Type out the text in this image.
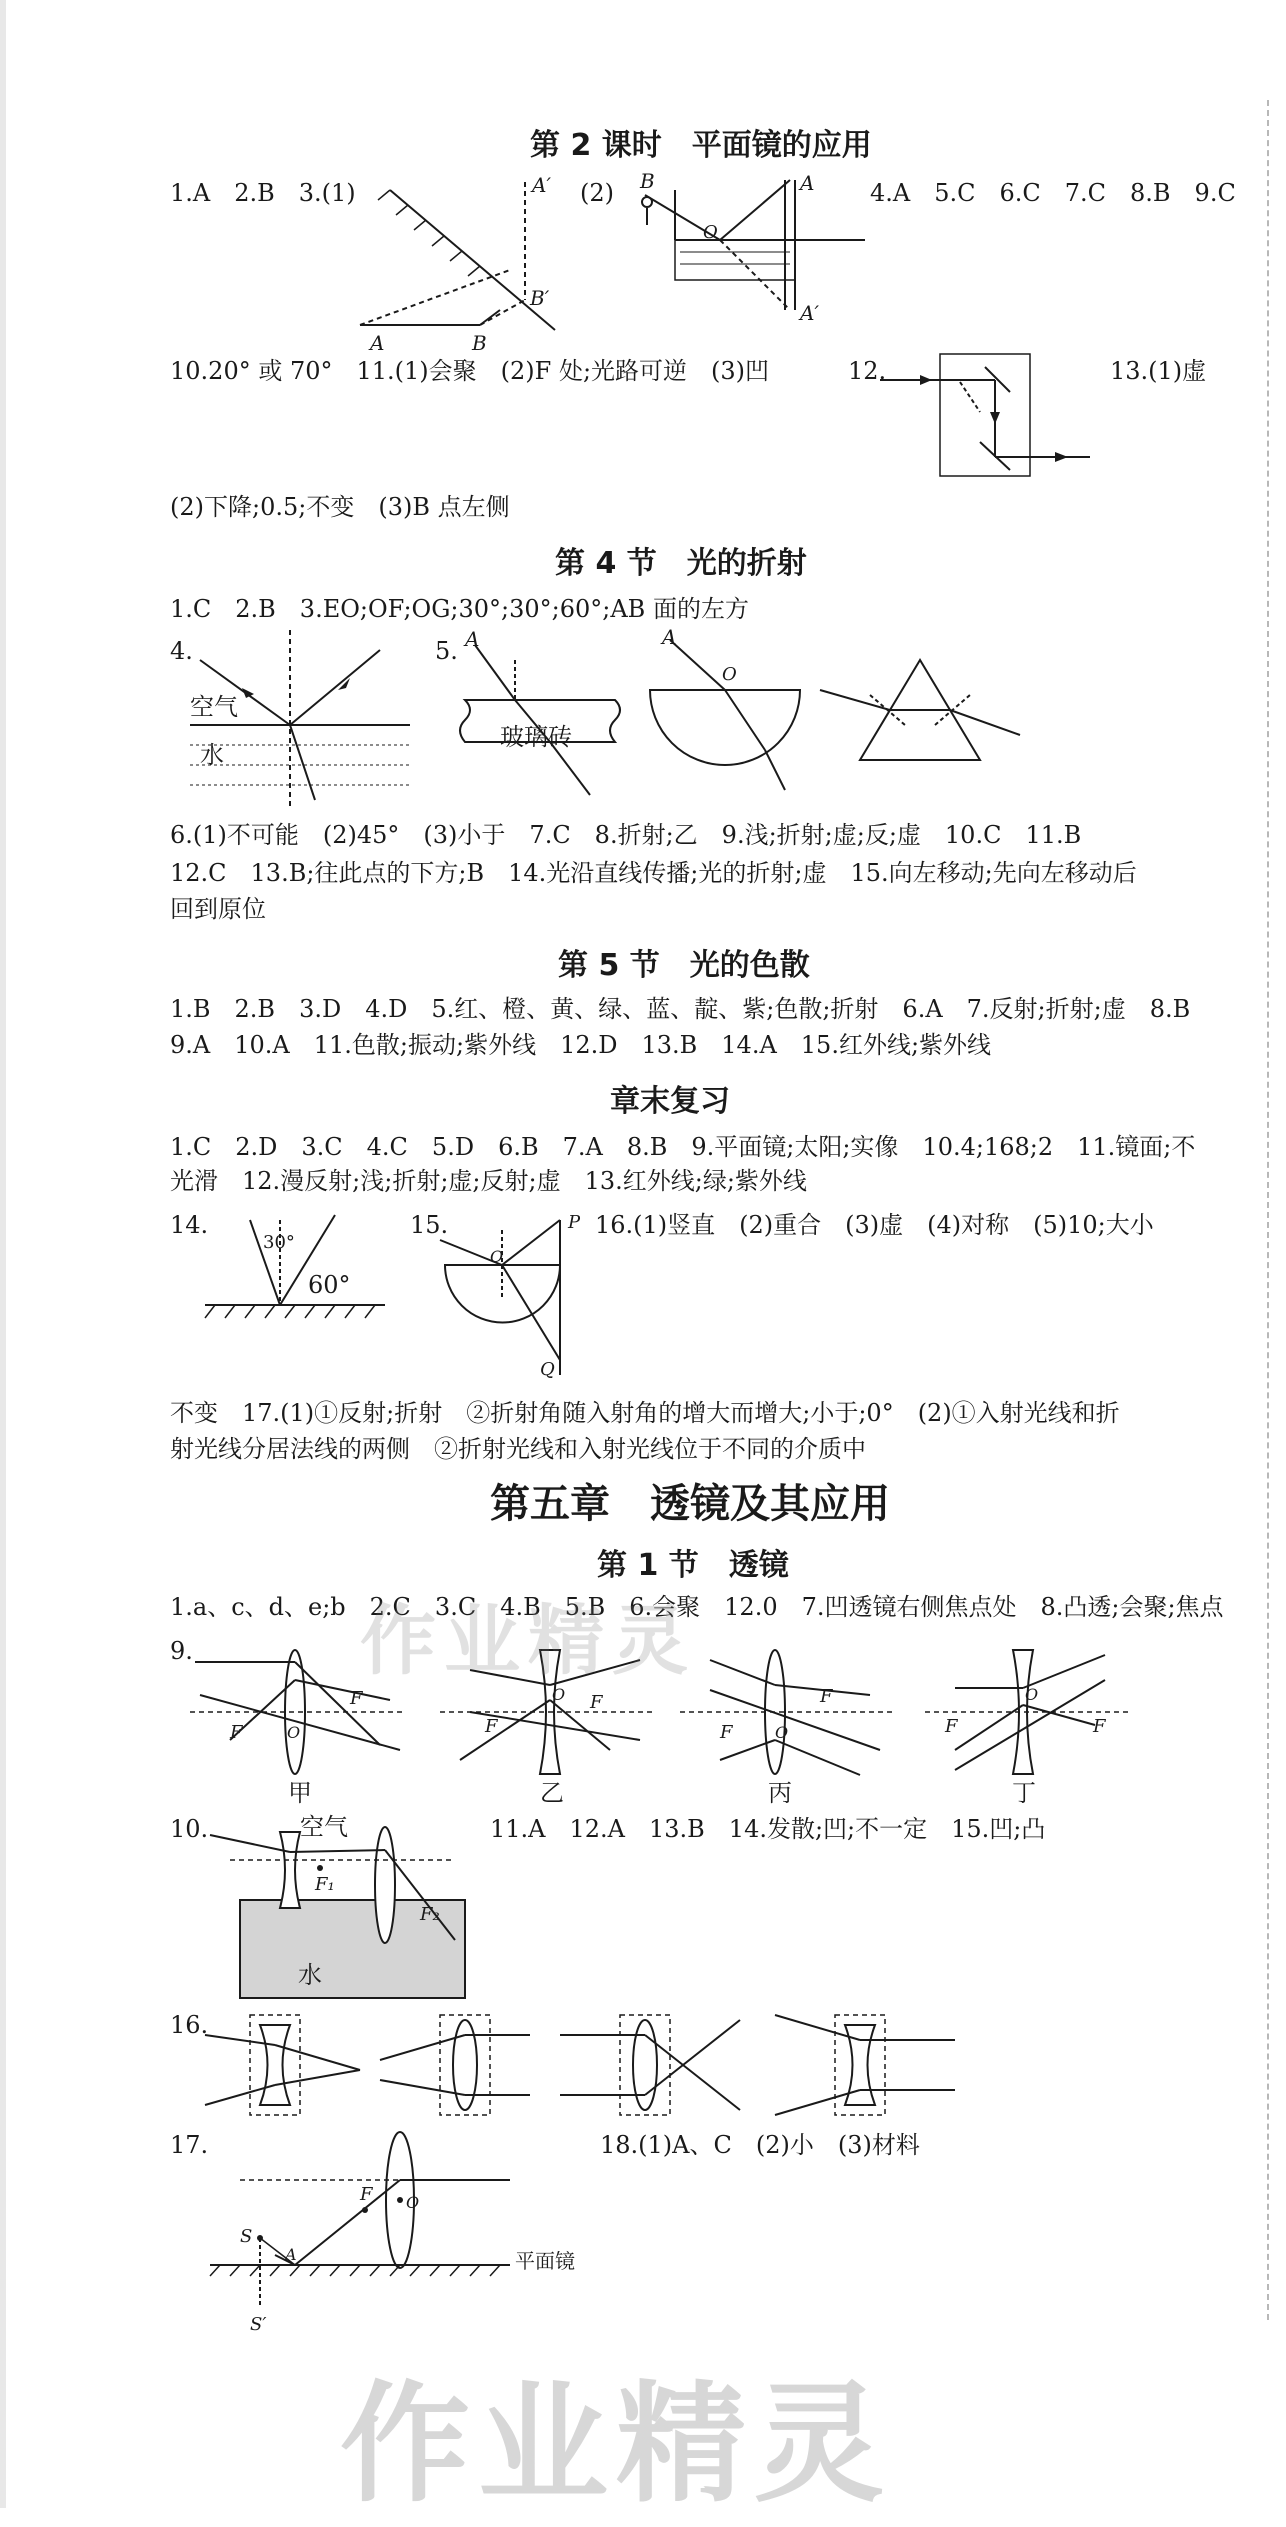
第 2 课时　平面镜的应用
1.A　2.B　3.(1)	A′
B′
A	B
(2) B	A
O
A′
4.A　5.C　6.C　7.C　8.B　9.C
10.20° 或 70°　11.(1)会聚　(2)F 处;光路可逆　(3)凹	12.	13.(1)虚
(2)下降;0.5;不变　(3)B 点左侧
第 4 节　光的折射
1.C　2.B　3.EO;OF;OG;30°;30°;60°;AB 面的左方
4.
空气
水
5. A
玻璃砖
A
O
6.(1)不可能　(2)45°　(3)小于　7.C　8.折射;乙　9.浅;折射;虚;反;虚　10.C　11.B
12.C　13.B;往此点的下方;B　14.光沿直线传播;光的折射;虚　15.向左移动;先向左移动后
回到原位
第 5 节　光的色散
1.B　2.B　3.D　4.D　5.红、橙、黄、绿、蓝、靛、紫;色散;折射　6.A　7.反射;折射;虚　8.B
9.A　10.A　11.色散;振动;紫外线　12.D　13.B　14.A　15.红外线;紫外线
章末复习
1.C　2.D　3.C　4.C　5.D　6.B　7.A　8.B　9.平面镜;太阳;实像　10.4;168;2　11.镜面;不
光滑　12.漫反射;浅;折射;虚;反射;虚　13.红外线;绿;紫外线
14.
30°
60°
15.	P
O
Q
16.(1)竖直　(2)重合　(3)虚　(4)对称　(5)10;大小
不变　17.(1)①反射;折射　②折射角随入射角的增大而增大;小于;0°　(2)①入射光线和折
射光线分居法线的两侧　②折射光线和入射光线位于不同的介质中
第五章　透镜及其应用
第 1 节　透镜
1.a、c、d、e;b　2.C　3.C　4.B　5.B　6.会聚　12.0　7.凹透镜右侧焦点处　8.凸透;会聚;焦点
9.
F
F	O
甲
F
F
O
乙
F
F	O
丙
F	F
O
丁
10.	空气
F₁
F₂
水
11.A　12.A　13.B　14.发散;凹;不一定　15.凹;凸
16.
17.
S
A
F O
S′
平面镜
18.(1)A、C　(2)小　(3)材料
作业精灵
作业精灵
